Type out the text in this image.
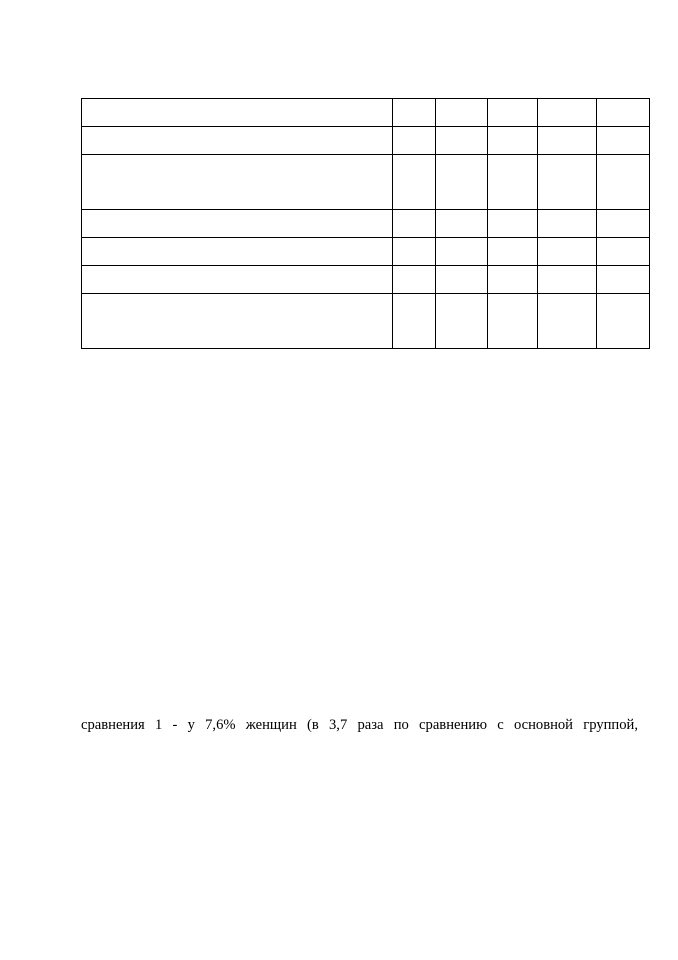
сравнения 1 - у 7,6% женщин (в 3,7 раза по сравнению с основной группой,
